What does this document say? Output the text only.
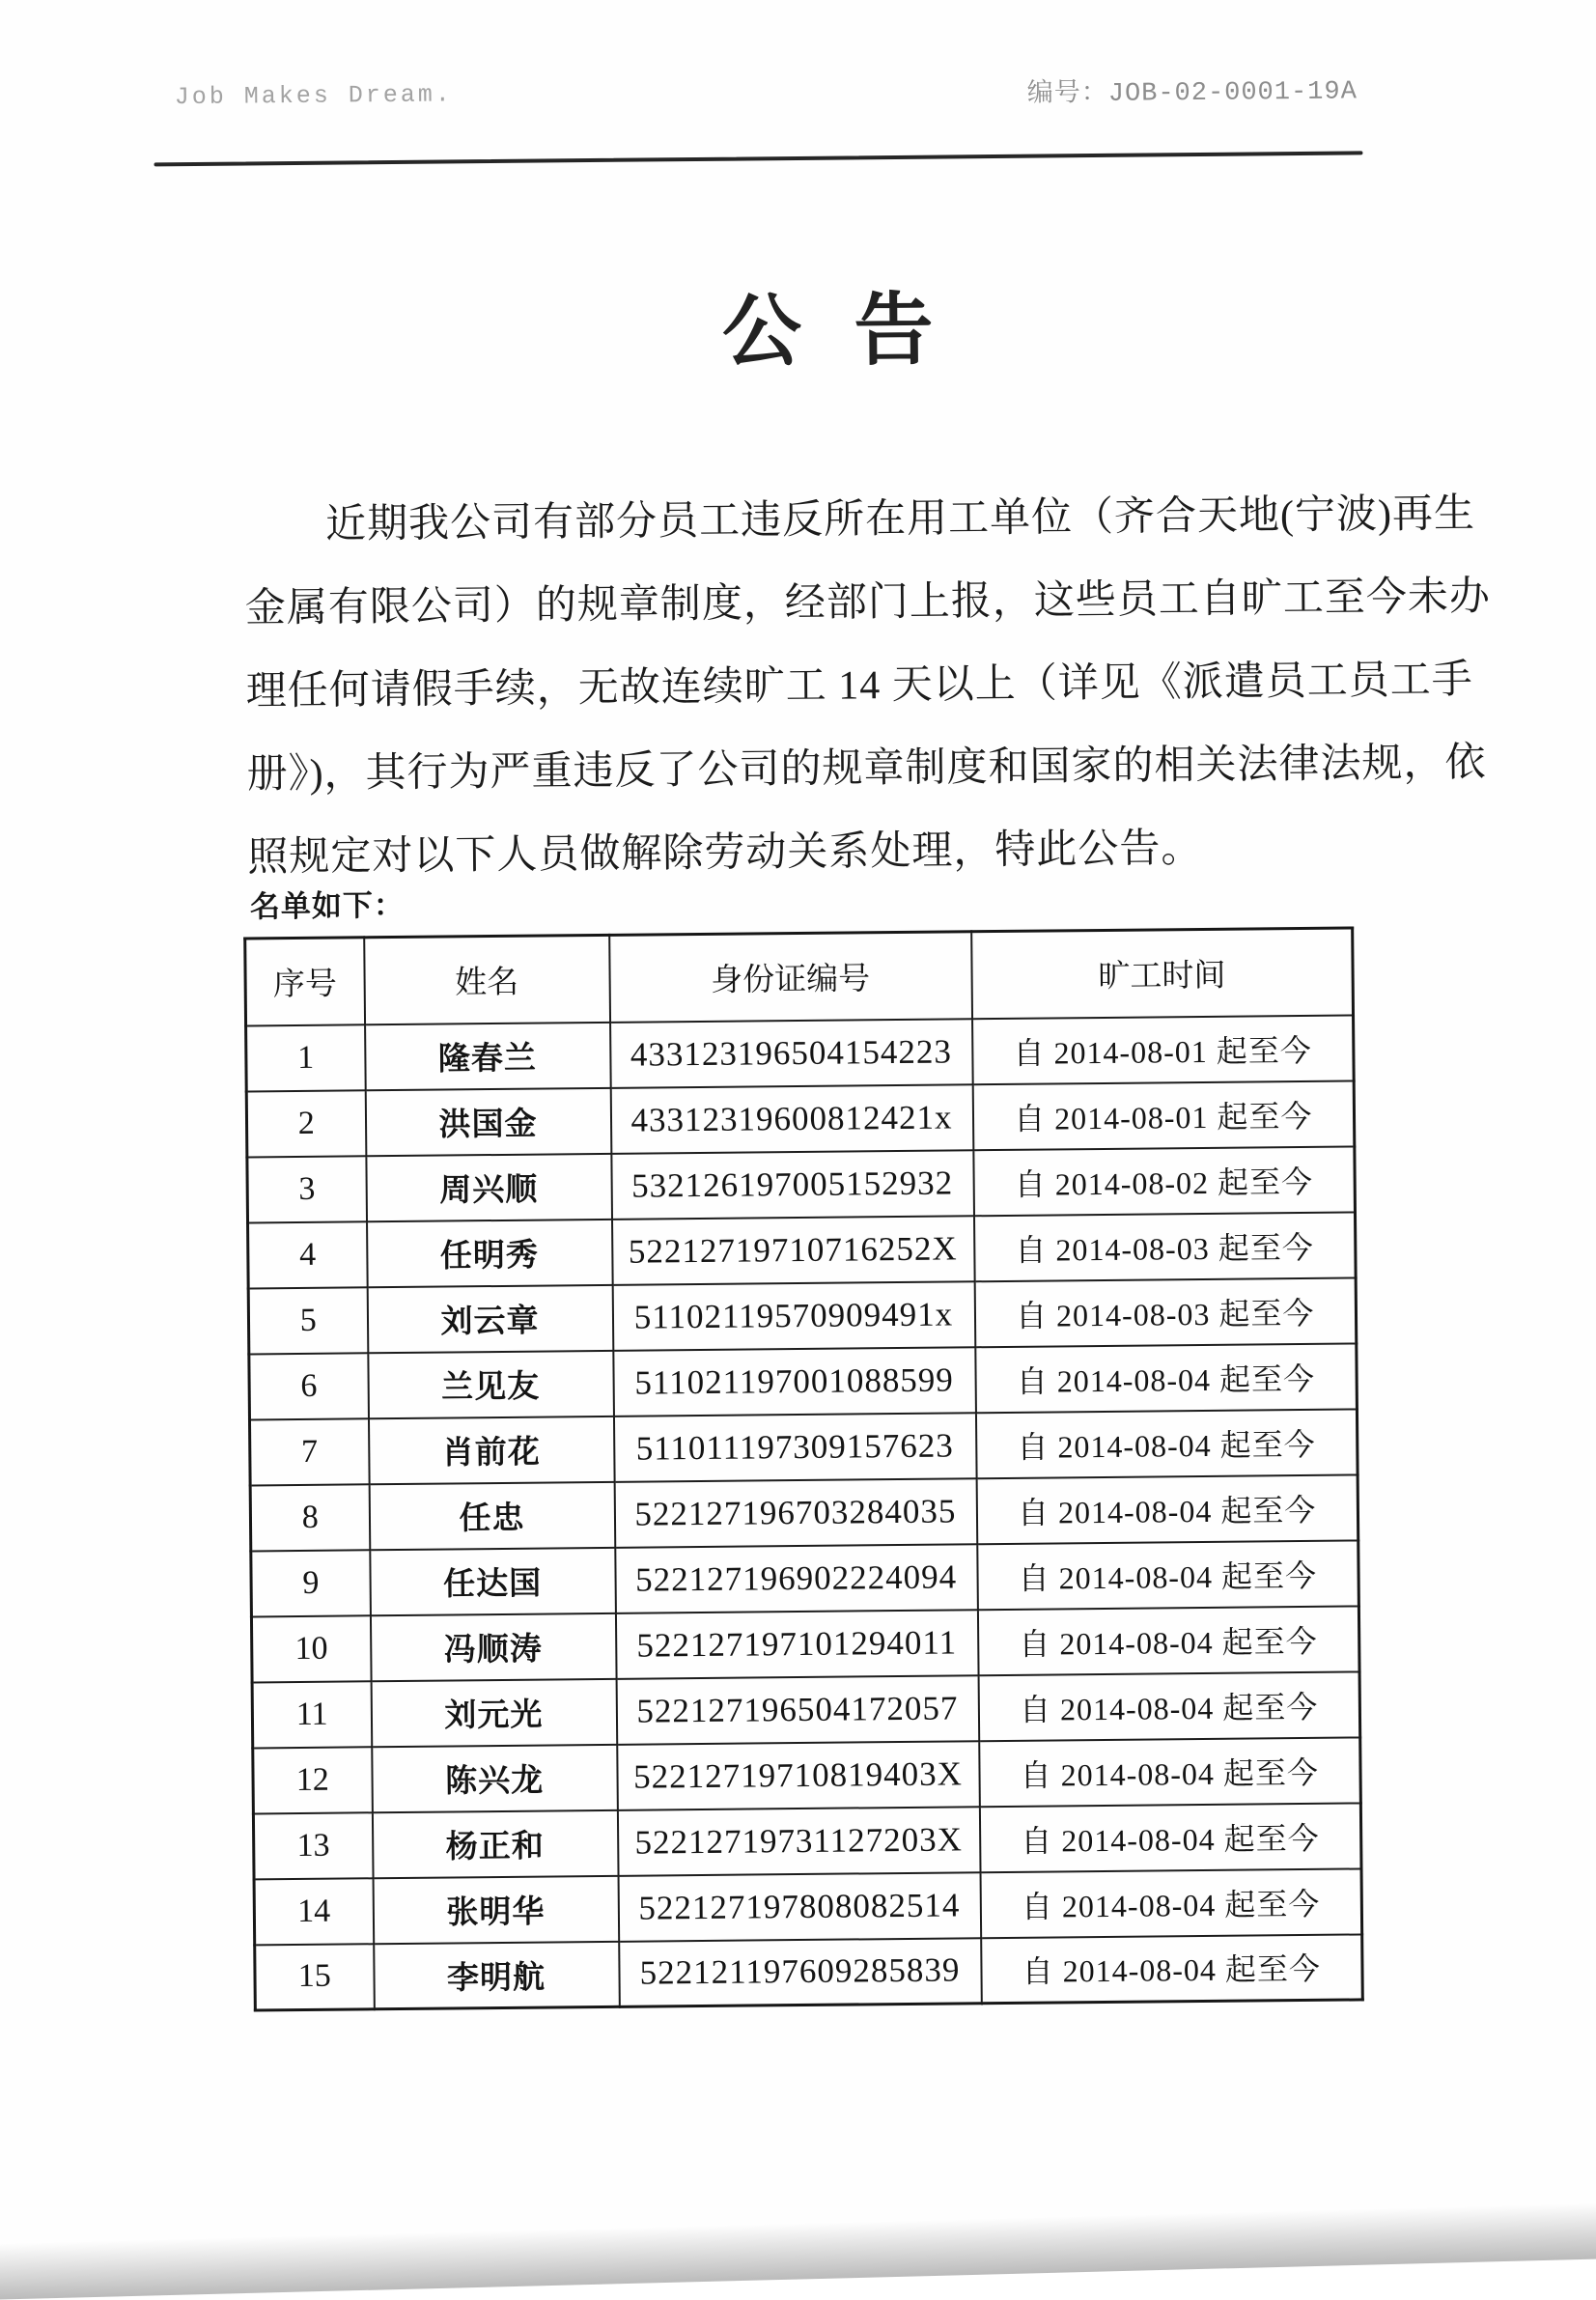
Job Makes Dream.	编号：JOB-02-0001-19A
公 告
近期我公司有部分员工违反所在用工单位（齐合天地(宁波)再生
金属有限公司）的规章制度，经部门上报，这些员工自旷工至今未办
理任何请假手续，无故连续旷工 14 天以上（详见《派遣员工员工手
册》)，其行为严重违反了公司的规章制度和国家的相关法律法规，依
照规定对以下人员做解除劳动关系处理，特此公告。
名单如下：
序号	姓名	身份证编号	旷工时间
1	隆春兰	433123196504154223	自 2014-08-01 起至今
2	洪国金	43312319600812421x	自 2014-08-01 起至今
3	周兴顺	532126197005152932	自 2014-08-02 起至今
4	任明秀	52212719710716252X	自 2014-08-03 起至今
5	刘云章	51102119570909491x	自 2014-08-03 起至今
6	兰见友	511021197001088599	自 2014-08-04 起至今
7	肖前花	511011197309157623	自 2014-08-04 起至今
8	任忠	522127196703284035	自 2014-08-04 起至今
9	任达国	522127196902224094	自 2014-08-04 起至今
10	冯顺涛	522127197101294011	自 2014-08-04 起至今
11	刘元光	522127196504172057	自 2014-08-04 起至今
12	陈兴龙	52212719710819403X	自 2014-08-04 起至今
13	杨正和	52212719731127203X	自 2014-08-04 起至今
14	张明华	522127197808082514	自 2014-08-04 起至今
15	李明航	522121197609285839	自 2014-08-04 起至今
